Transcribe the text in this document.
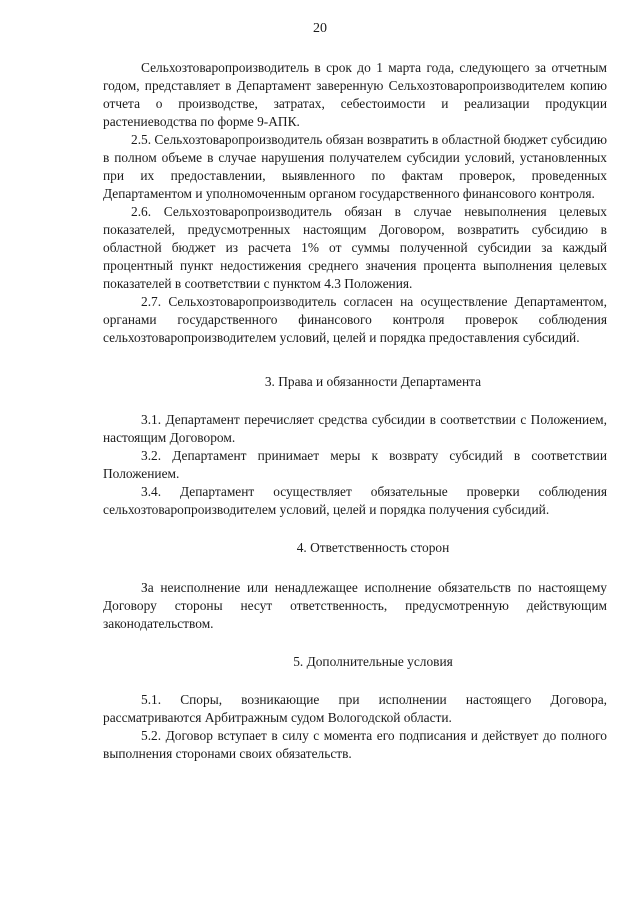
20

Сельхозтоваропроизводитель в срок до 1 марта года, следующего за отчетным годом, представляет в Департамент заверенную Сельхозтоваропроизводителем копию отчета о производстве, затратах, себестоимости и реализации продукции растениеводства по форме 9-АПК.

2.5. Сельхозтоваропроизводитель обязан возвратить в областной бюджет субсидию в полном объеме в случае нарушения получателем субсидии условий, установленных при их предоставлении, выявленного по фактам проверок, проведенных Департаментом и уполномоченным органом государственного финансового контроля.

2.6. Сельхозтоваропроизводитель обязан в случае невыполнения целевых показателей, предусмотренных настоящим Договором, возвратить субсидию в областной бюджет из расчета 1% от суммы полученной субсидии за каждый процентный пункт недостижения среднего значения процента выполнения целевых показателей в соответствии с пунктом 4.3 Положения.

2.7. Сельхозтоваропроизводитель согласен на осуществление Департаментом, органами государственного финансового контроля проверок соблюдения сельхозтоваропроизводителем условий, целей и порядка предоставления субсидий.

3. Права и обязанности Департамента

3.1. Департамент перечисляет средства субсидии в соответствии с Положением, настоящим Договором.

3.2. Департамент принимает меры к возврату субсидий в соответствии Положением.

3.4. Департамент осуществляет обязательные проверки соблюдения сельхозтоваропроизводителем условий, целей и порядка получения субсидий.

4. Ответственность сторон

За неисполнение или ненадлежащее исполнение обязательств по настоящему Договору стороны несут ответственность, предусмотренную действующим законодательством.

5. Дополнительные условия

5.1. Споры, возникающие при исполнении настоящего Договора, рассматриваются Арбитражным судом Вологодской области.

5.2. Договор вступает в силу с момента его подписания и действует до полного выполнения сторонами своих обязательств.
